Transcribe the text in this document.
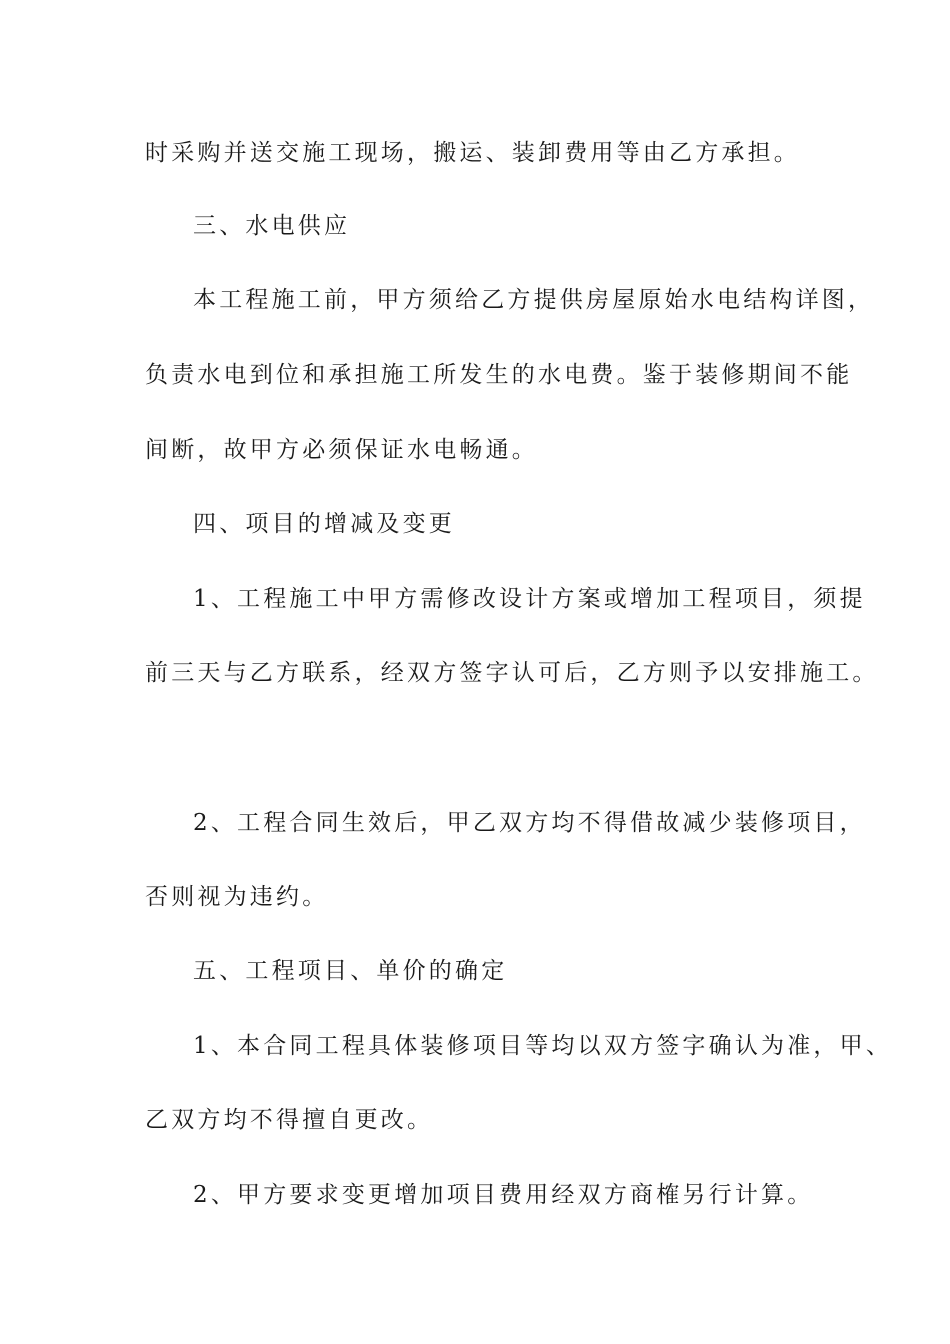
时采购并送交施工现场，搬运、装卸费用等由乙方承担。

三、水电供应

本工程施工前，甲方须给乙方提供房屋原始水电结构详图，

负责水电到位和承担施工所发生的水电费。鉴于装修期间不能

间断，故甲方必须保证水电畅通。

四、项目的增减及变更

1、工程施工中甲方需修改设计方案或增加工程项目，须提

前三天与乙方联系，经双方签字认可后，乙方则予以安排施工。

2、工程合同生效后，甲乙双方均不得借故减少装修项目，

否则视为违约。

五、工程项目、单价的确定

1、本合同工程具体装修项目等均以双方签字确认为准，甲、

乙双方均不得擅自更改。

2、甲方要求变更增加项目费用经双方商榷另行计算。
